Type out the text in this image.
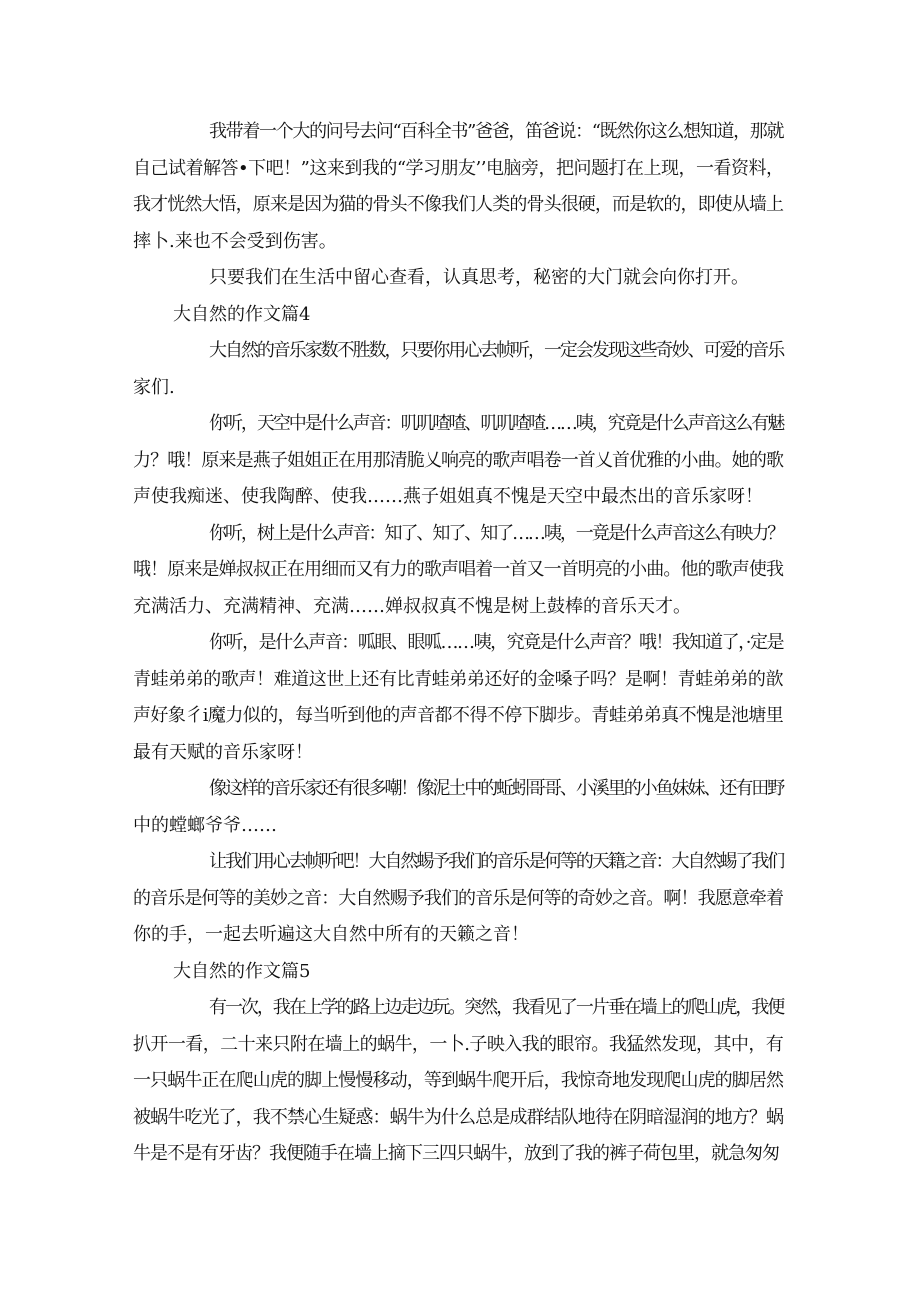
我带着一个大的问号去问“百科全书”爸爸，笛爸说：“既然你这么想知道，那就
自己试着解答•下吧！”这来到我的“学习朋友’’电脑旁，把问题打在上现，一看资料，
我才恍然大悟，原来是因为猫的骨头不像我们人类的骨头很硬，而是软的，即使从墙上
摔卜.来也不会受到伤害。
只要我们在生活中留心查看，认真思考，秘密的大门就会向你打开。
大自然的作文篇4
大自然的音乐家数不胜数，只要你用心去帧听，一定会发现这些奇妙、可爱的音乐
家们.
你听，天空中是什么声音：叽叽喳喳、叽叽喳喳……咦，究竟是什么声音这么有魅
力？哦！原来是燕子姐姐正在用那清脆乂响亮的歌声唱卷一首乂首优雅的小曲。她的歌
声使我痴迷、使我陶醉、使我……燕子姐姐真不愧是天空中最杰出的音乐家呀！
你听，树上是什么声音：知了、知了、知了……咦，一竟是什么声音这么有映力？
哦！原来是婵叔叔正在用细而又有力的歌声唱着一首又一首明亮的小曲。他的歌声使我
充满活力、充满精神、充满……婵叔叔真不愧是树上鼓棒的音乐天才。
你听，是什么声音：呱眼、眼呱……咦，究竟是什么声音？哦！我知道了，·定是
青蛙弟弟的歌声！难道这世上还有比青蛙弟弟还好的金嗓子吗？是啊！青蛙弟弟的歆
声好象彳i魔力似的，每当听到他的声音都不得不停下脚步。青蛙弟弟真不愧是池塘里
最有天赋的音乐家呀！
像这样的音乐家还有很多嘲！像泥土中的蚯蚓哥哥、小溪里的小鱼妹妹、还有田野
中的螳螂爷爷……
让我们用心去帧听吧！大自然蜴予我们的音乐是何等的天籍之音：大自然蜴了我们
的音乐是何等的美妙之音：大自然赐予我们的音乐是何等的奇妙之音。啊！我愿意牵着
你的手，一起去听遍这大自然中所有的天籁之音！
大自然的作文篇5
有一次，我在上学的路上边走边玩。突然，我看见了一片垂在墙上的爬山虎，我便
扒开一看，二十来只附在墙上的蜗牛，一卜.子映入我的眼帘。我猛然发现，其中，有
一只蜗牛正在爬山虎的脚上慢慢移动，等到蜗牛爬开后，我惊奇地发现爬山虎的脚居然
被蜗牛吃光了，我不禁心生疑惑：蜗牛为什么总是成群结队地待在阴暗湿润的地方？蜗
牛是不是有牙齿？我便随手在墙上摘下三四只蜗牛，放到了我的裤子荷包里，就急匆匆
